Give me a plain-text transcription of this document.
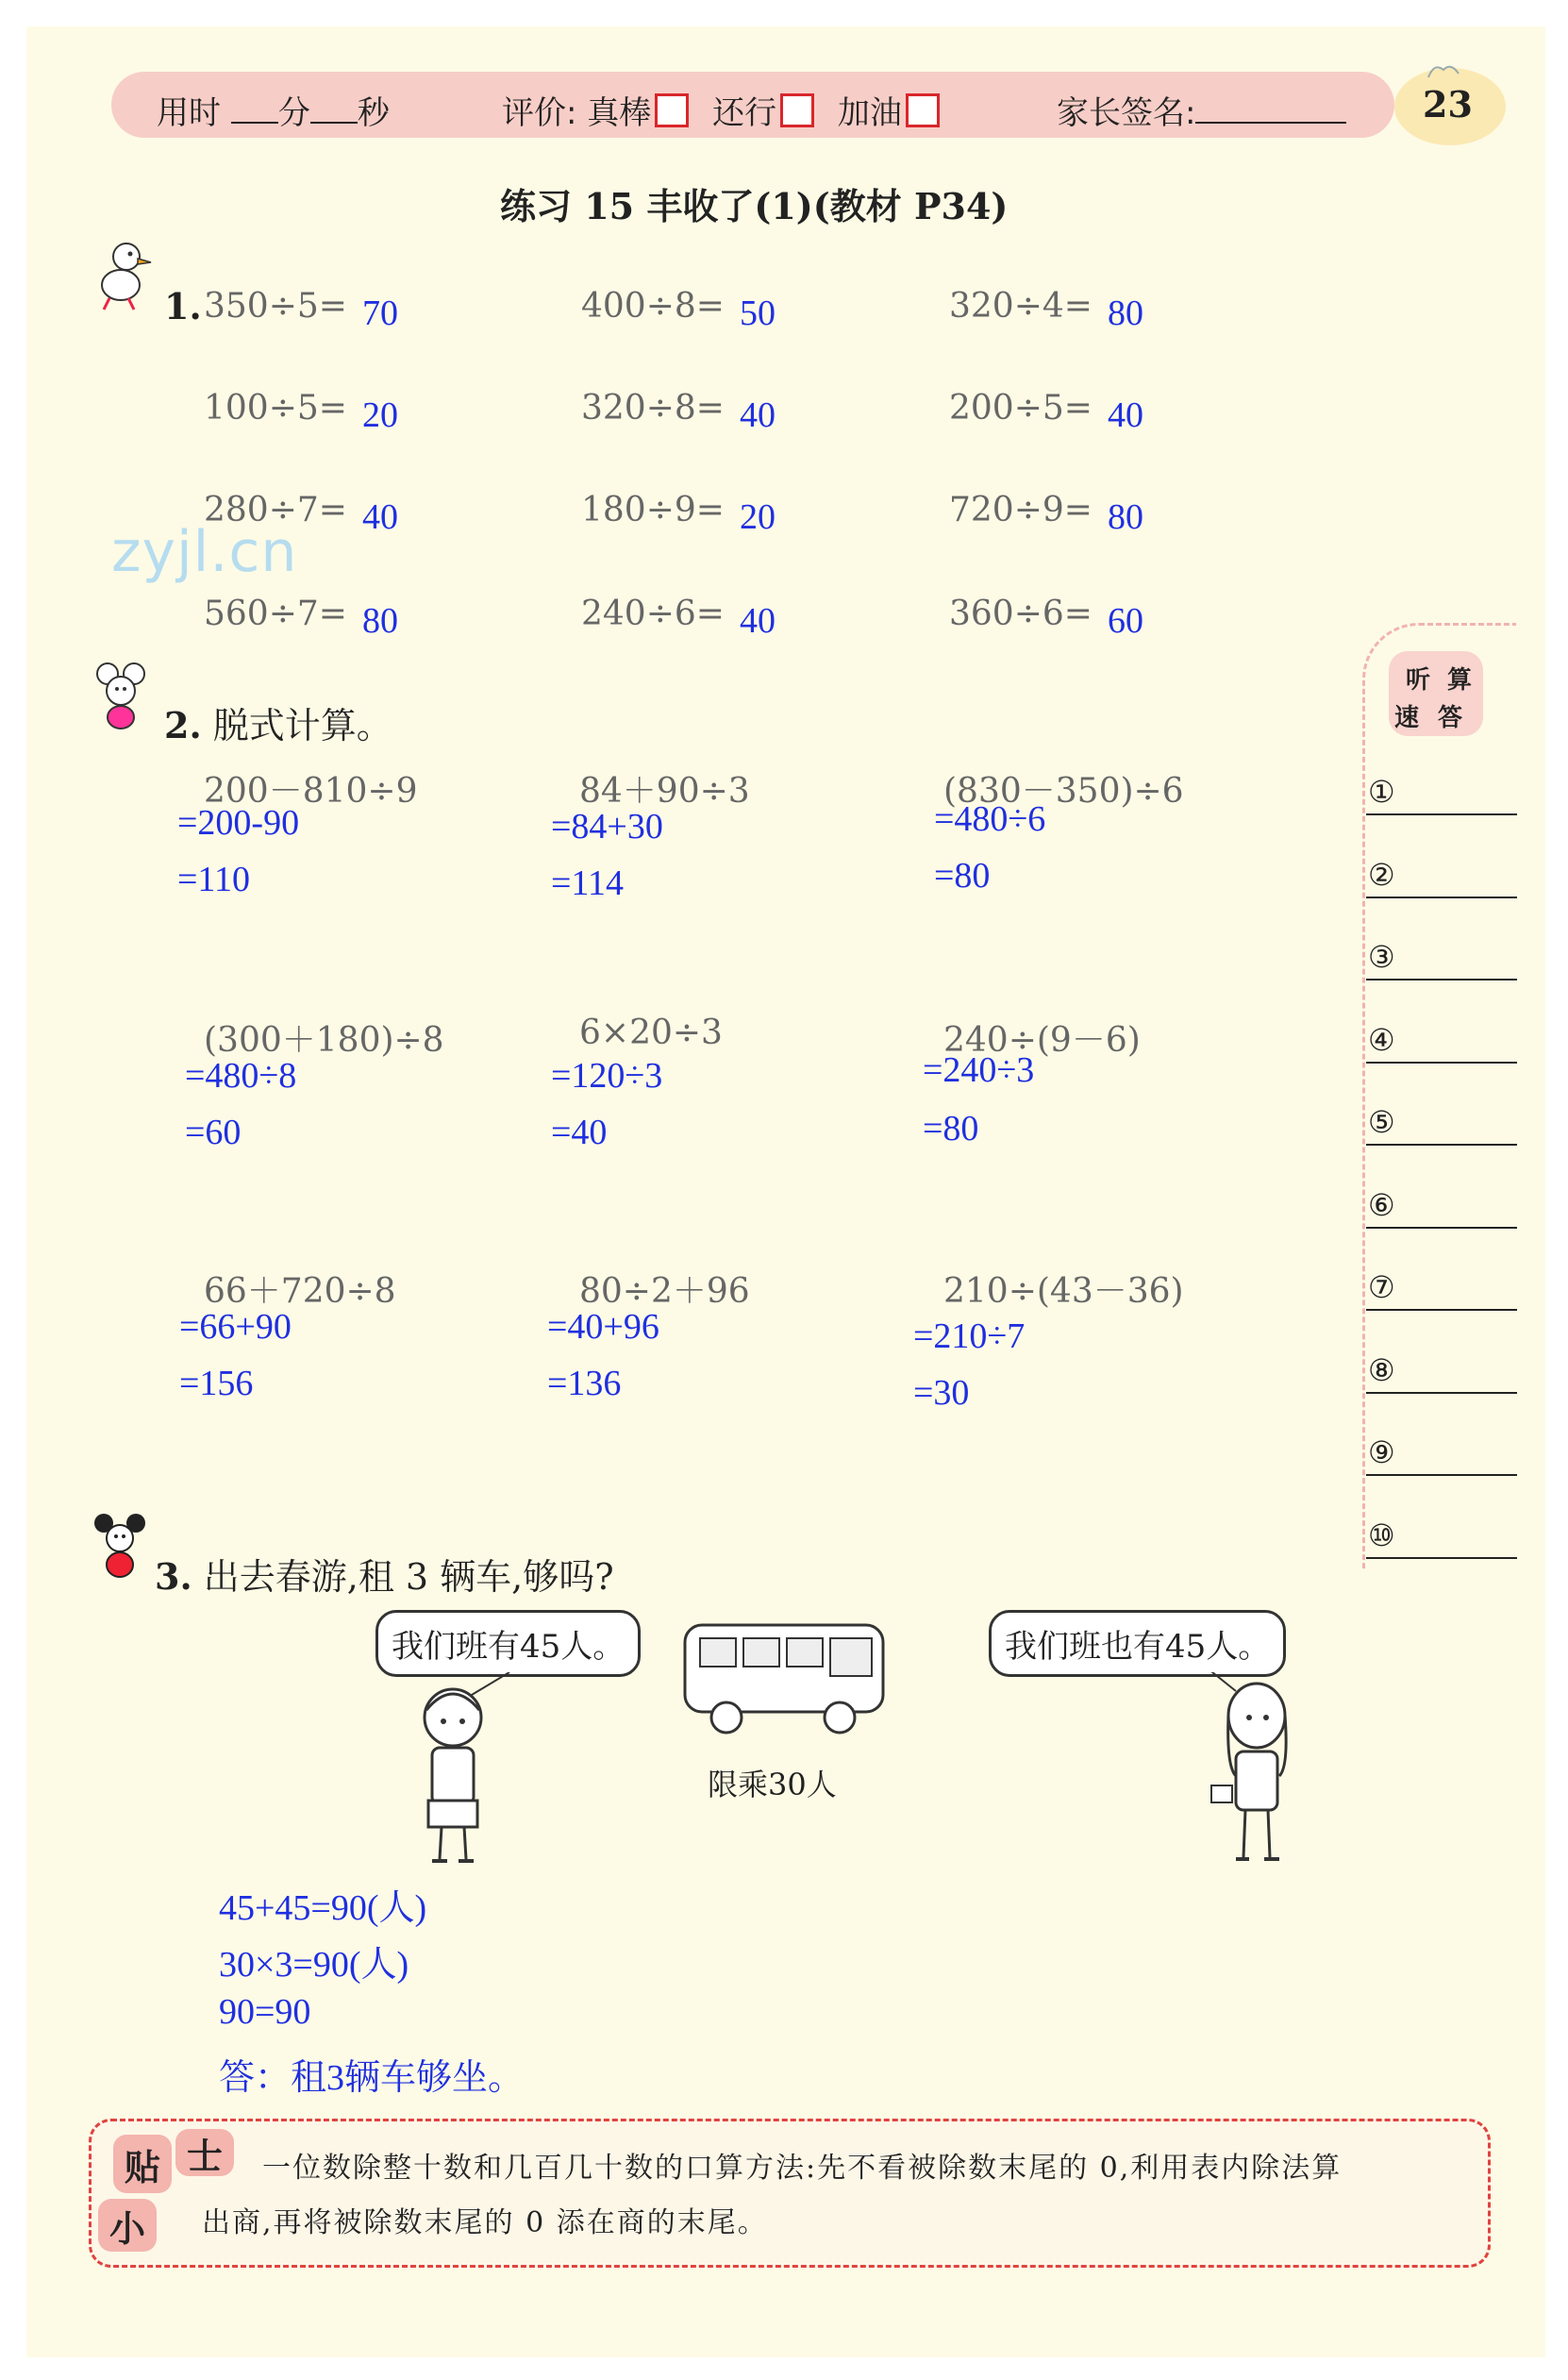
用时 分 秒	评价: 真棒 还行 加油	家长签名:	23
练习 15 丰收了(1)(教材 P34)
1. 350÷5= 70	400÷8= 50	320÷4= 80
100÷5= 20	320÷8= 40	200÷5= 40
280÷7= 40	180÷9= 20	720÷9= 80
560÷7= 80	240÷6= 40	360÷6= 60
zyjl.cn
2. 脱式计算。
200－810÷9
=200-90
=110
84＋90÷3
=84+30
=114
(830－350)÷6
=480÷6
=80
(300＋180)÷8
=480÷8
=60
6×20÷3
=120÷3
=40
240÷(9－6)
=240÷3
=80
66＋720÷8
=66+90
=156
80÷2＋96
=40+96
=136
210÷(43－36)
=210÷7
=30
听 算
速 答
①
②
③
④
⑤
⑥
⑦
⑧
⑨
⑩
3. 出去春游,租 3 辆车,够吗?
我们班有45人。	我们班也有45人。
限乘30人
45+45=90(人)
30×3=90(人)
90=90
答：租3辆车够坐。
贴 士
小
一位数除整十数和几百几十数的口算方法:先不看被除数末尾的 0,利用表内除法算
出商,再将被除数末尾的 0 添在商的末尾。
